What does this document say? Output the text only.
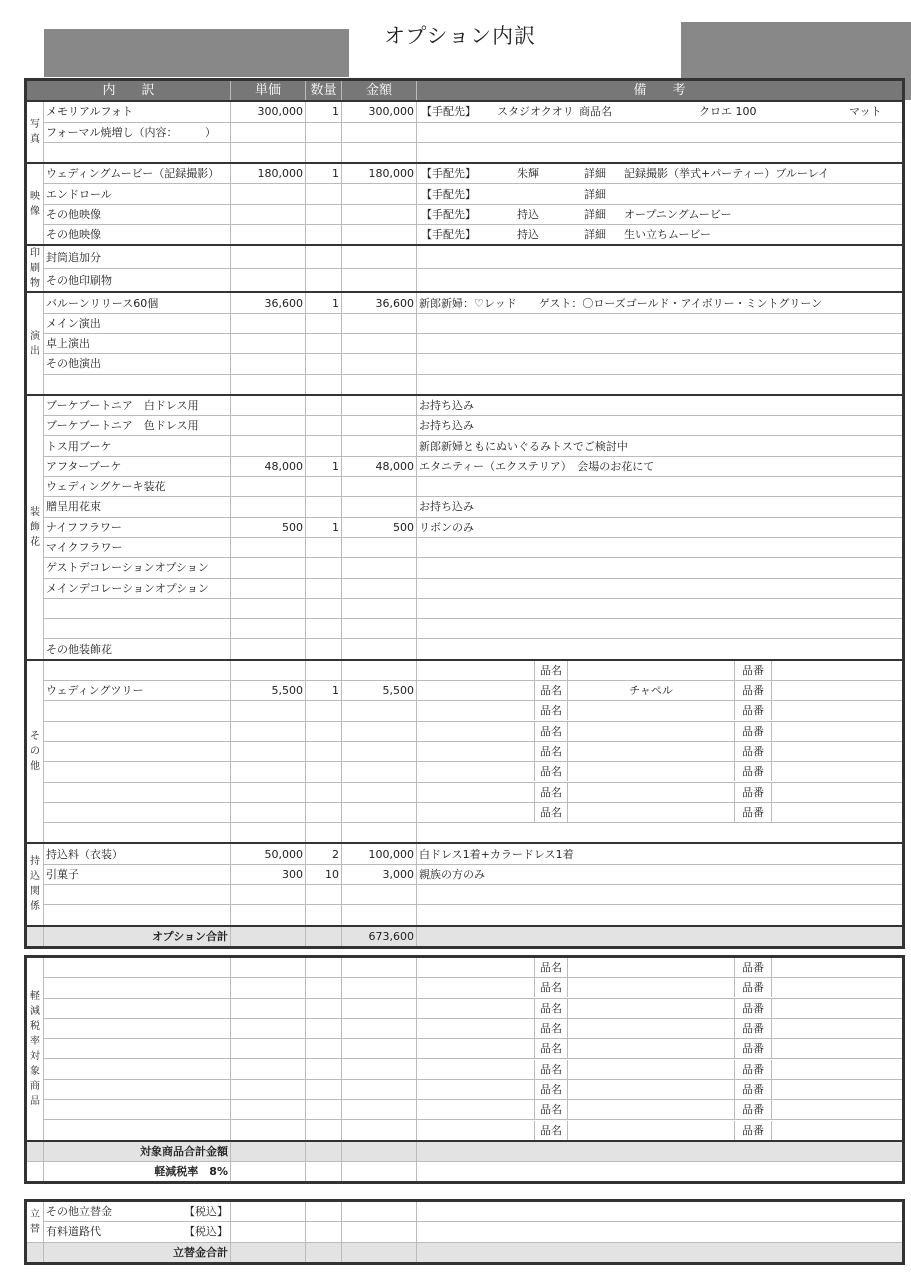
オプション内訳
内　　訳		単価	数量	金額	備　　考
写真	メモリアルフォト	300,000	1	300,000	【手配先】 スタジオクオリ 商品名 クロエ 100 マット

	フォーマル焼増し（内容：　　　）				

映像	ウェディングムービー（記録撮影）	180,000	1	180,000	【手配先】 朱輝 詳細 記録撮影（挙式+パーティー）ブルーレイ

	エンドロール				【手配先】 詳細

	その他映像				【手配先】 持込 詳細 オープニングムービー

	その他映像				【手配先】 持込 詳細 生い立ちムービー

印刷物	封筒追加分				
	その他印刷物				
演出	バルーンリリース60個	36,600	1	36,600	新郎新婦：♡レッド　　ゲスト：〇ローズゴールド・アイボリー・ミントグリーン
	メイン演出				
	卓上演出				
	その他演出				

装飾花	ブーケブートニア　白ドレス用				お持ち込み
	ブーケブートニア　色ドレス用				お持ち込み
	トス用ブーケ				新郎新婦ともにぬいぐるみトスでご検討中
	アフターブーケ	48,000	1	48,000	エタニティー（エクステリア）　会場のお花にて
	ウェディングケーキ装花				
	贈呈用花束				お持ち込み
	ナイフフラワー	500	1	500	リボンのみ
	マイクフラワー				
	ゲストデコレーションオプション				
	メインデコレーションオプション				

	その他装飾花				
その他					品名 品番

	ウェディングツリー	5,500	1	5,500	品名 チャペル 品番

					品名 品番

					品名 品番

					品名 品番

					品名 品番

					品名 品番

					品名 品番

持込関係	持込料（衣装）	50,000	2	100,000	白ドレス1着+カラードレス1着
	引菓子	300	10	3,000	親族の方のみ

	オプション合計			673,600	
軽減税率対象商品					品名 品番

					品名 品番

					品名 品番

					品名 品番

					品名 品番

					品名 品番

					品名 品番

					品名 品番

					品名 品番

	対象商品合計金額				
	軽減税率　8%				
立替	その他立替金 【税込】				

	有料道路代 【税込】				

	立替金合計				
